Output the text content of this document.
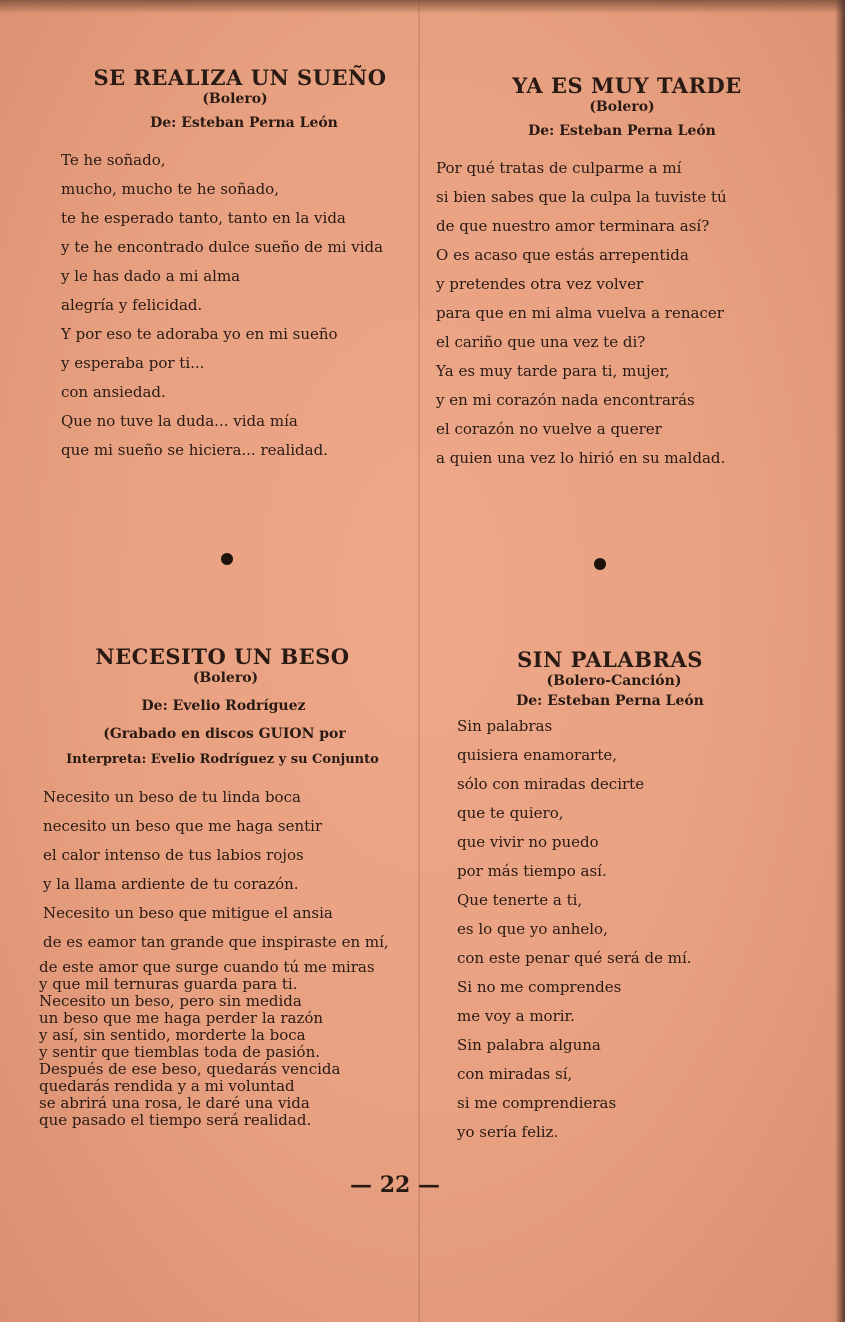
SE REALIZA UN SUEÑO

(Bolero)

De: Esteban Perna León

Te he soñado,
mucho, mucho te he soñado,
te he esperado tanto, tanto en la vida
y te he encontrado dulce sueño de mi vida
y le has dado a mi alma
alegría y felicidad.
Y por eso te adoraba yo en mi sueño
y esperaba por ti...
con ansiedad.
Que no tuve la duda... vida mía
que mi sueño se hiciera... realidad.
YA ES MUY TARDE

(Bolero)

De: Esteban Perna León

Por qué tratas de culparme a mí
si bien sabes que la culpa la tuviste tú
de que nuestro amor terminara así?
O es acaso que estás arrepentida
y pretendes otra vez volver
para que en mi alma vuelva a renacer
el cariño que una vez te di?
Ya es muy tarde para ti, mujer,
y en mi corazón nada encontrarás
el corazón no vuelve a querer
a quien una vez lo hirió en su maldad.
NECESITO UN BESO

(Bolero)

De: Evelio Rodríguez

(Grabado en discos GUION por

Interpreta: Evelio Rodríguez y su Conjunto

Necesito un beso de tu linda boca
necesito un beso que me haga sentir
el calor intenso de tus labios rojos
y la llama ardiente de tu corazón.
Necesito un beso que mitigue el ansia
de es eamor tan grande que inspiraste en mí,
de este amor que surge cuando tú me miras
y que mil ternuras guarda para ti.
Necesito un beso, pero sin medida
un beso que me haga perder la razón
y así, sin sentido, morderte la boca
y sentir que tiemblas toda de pasión.
Después de ese beso, quedarás vencida
quedarás rendida y a mi voluntad
se abrirá una rosa, le daré una vida
que pasado el tiempo será realidad.
SIN PALABRAS

(Bolero-Canción)

De: Esteban Perna León

Sin palabras
quisiera enamorarte,
sólo con miradas decirte
que te quiero,
que vivir no puedo
por más tiempo así.
Que tenerte a ti,
es lo que yo anhelo,
con este penar qué será de mí.
Si no me comprendes
me voy a morir.
Sin palabra alguna
con miradas sí,
si me comprendieras
yo sería feliz.
— 22 —
